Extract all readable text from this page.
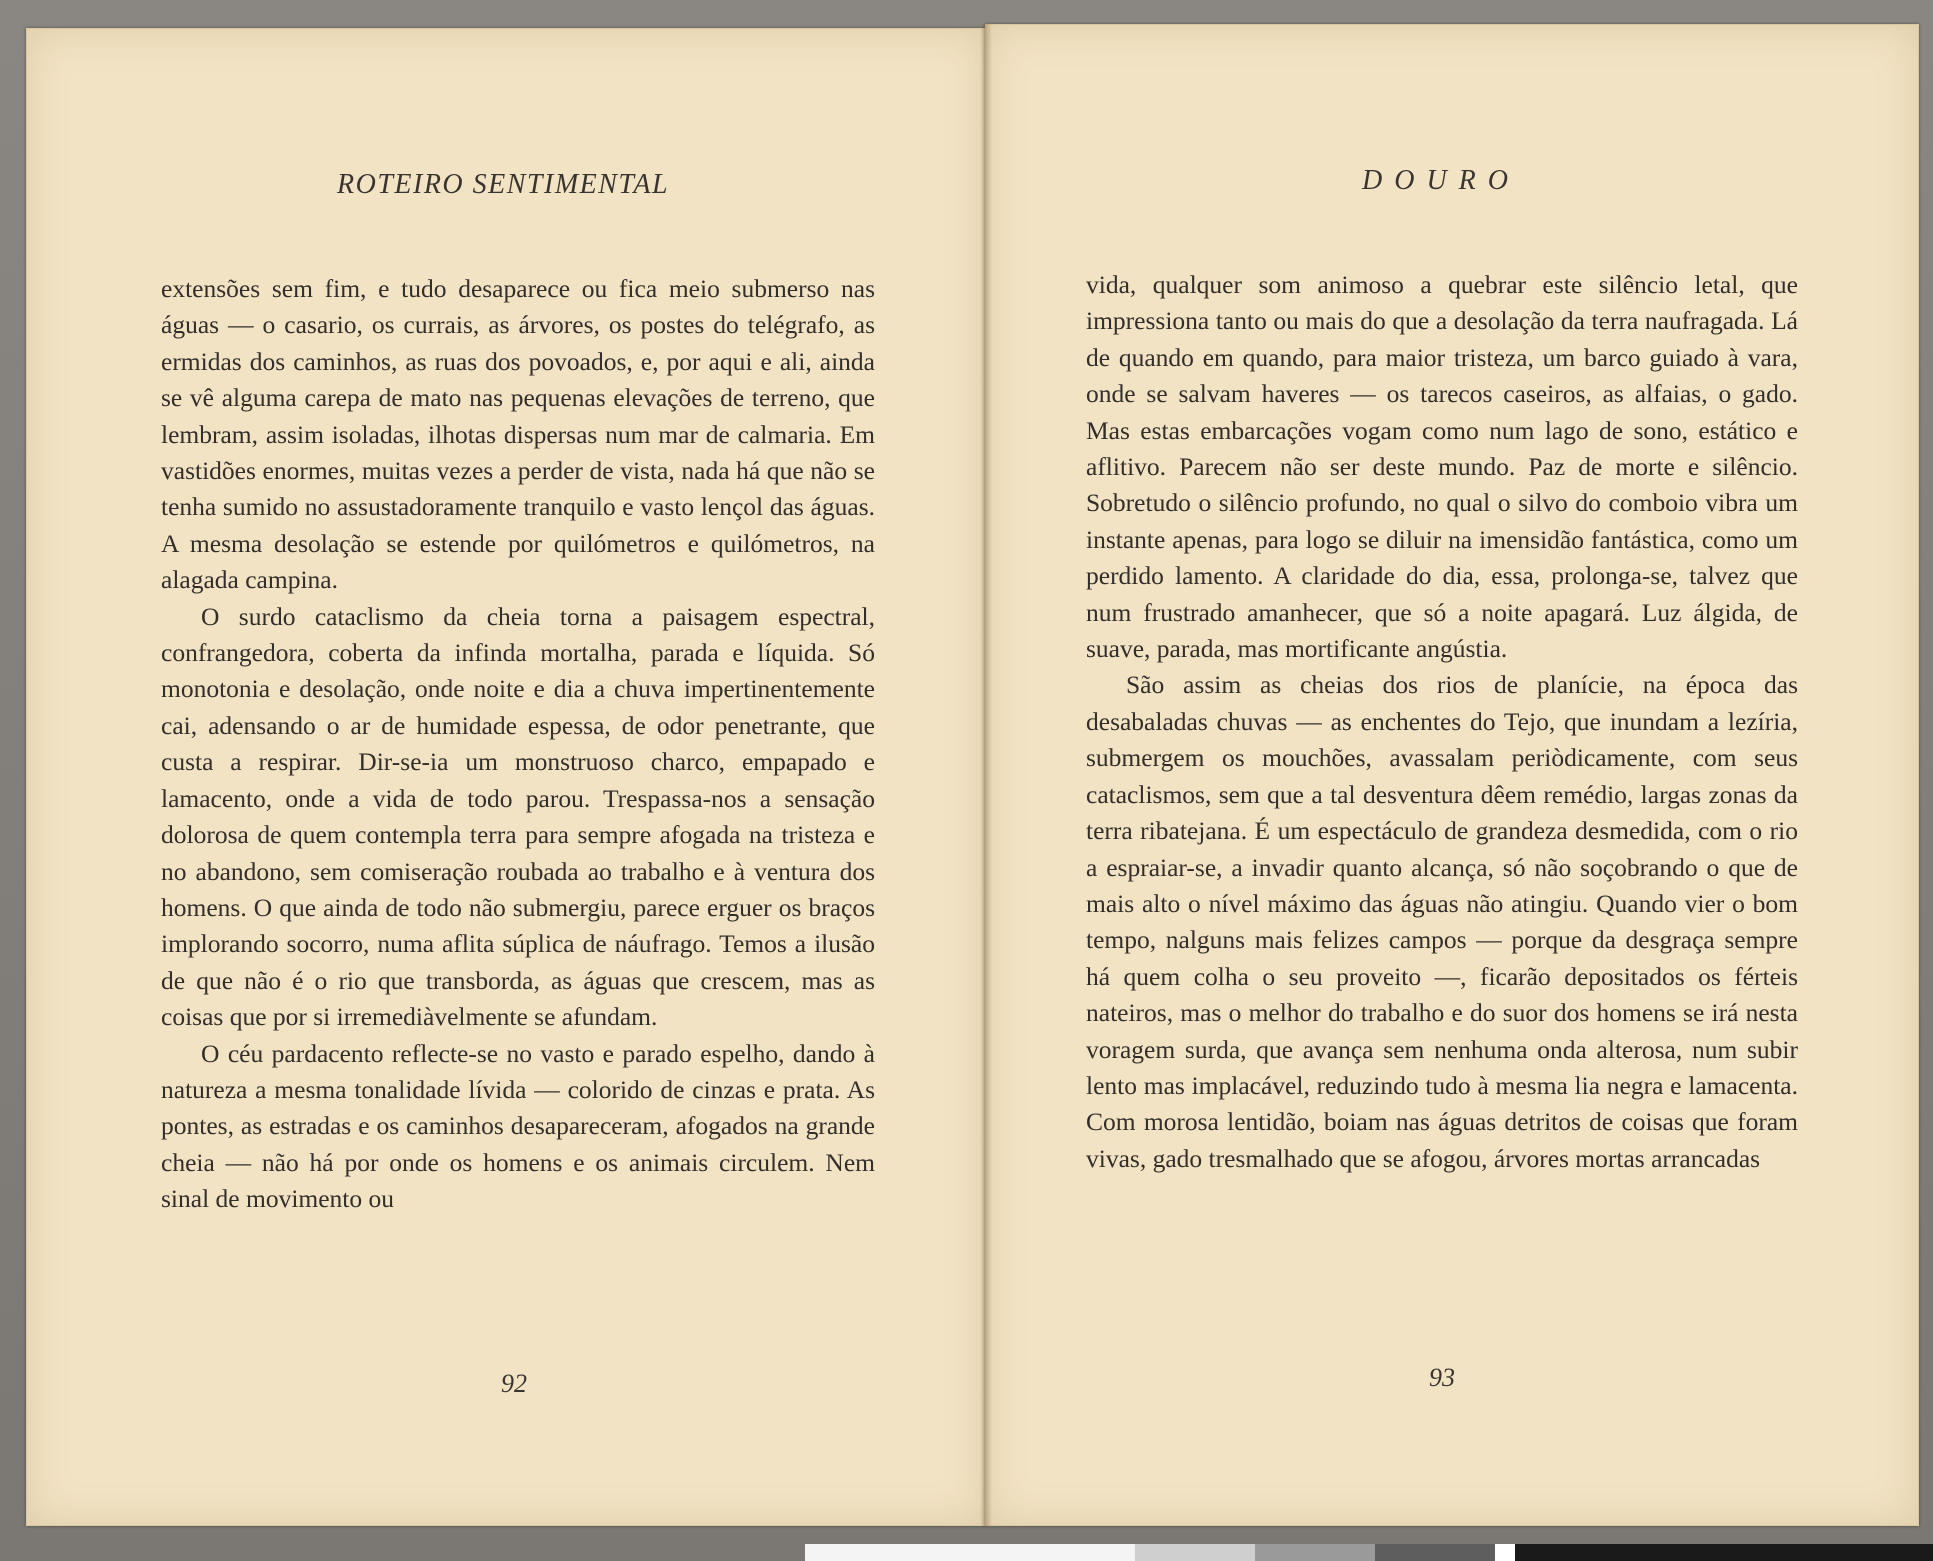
ROTEIRO SENTIMENTAL

extensões sem fim, e tudo desaparece ou fica meio submerso nas águas — o casario, os currais, as árvores, os postes do telégrafo, as ermidas dos caminhos, as ruas dos povoados, e, por aqui e ali, ainda se vê alguma carepa de mato nas pequenas elevações de terreno, que lembram, assim isoladas, ilhotas dispersas num mar de calmaria. Em vastidões enormes, muitas vezes a perder de vista, nada há que não se tenha sumido no assustadoramente tranquilo e vasto lençol das águas. A mesma desolação se estende por quilómetros e quilómetros, na alagada campina.

O surdo cataclismo da cheia torna a paisagem espectral, confrangedora, coberta da infinda mortalha, parada e líquida. Só monotonia e desolação, onde noite e dia a chuva impertinentemente cai, adensando o ar de humidade espessa, de odor penetrante, que custa a respirar. Dir-se-ia um monstruoso charco, empapado e lamacento, onde a vida de todo parou. Trespassa-nos a sensação dolorosa de quem contempla terra para sempre afogada na tristeza e no abandono, sem comiseração roubada ao trabalho e à ventura dos homens. O que ainda de todo não submergiu, parece erguer os braços implorando socorro, numa aflita súplica de náufrago. Temos a ilusão de que não é o rio que transborda, as águas que crescem, mas as coisas que por si irremediàvelmente se afundam.

O céu pardacento reflecte-se no vasto e parado espelho, dando à natureza a mesma tonalidade lívida — colorido de cinzas e prata. As pontes, as estradas e os caminhos desapareceram, afogados na grande cheia — não há por onde os homens e os animais circulem. Nem sinal de movimento ou

92
DOURO

vida, qualquer som animoso a quebrar este silêncio letal, que impressiona tanto ou mais do que a desolação da terra naufragada. Lá de quando em quando, para maior tristeza, um barco guiado à vara, onde se salvam haveres — os tarecos caseiros, as alfaias, o gado. Mas estas embarcações vogam como num lago de sono, estático e aflitivo. Parecem não ser deste mundo. Paz de morte e silêncio. Sobretudo o silêncio profundo, no qual o silvo do comboio vibra um instante apenas, para logo se diluir na imensidão fantástica, como um perdido lamento. A claridade do dia, essa, prolonga-se, talvez que num frustrado amanhecer, que só a noite apagará. Luz álgida, de suave, parada, mas mortificante angústia.

São assim as cheias dos rios de planície, na época das desabaladas chuvas — as enchentes do Tejo, que inundam a lezíria, submergem os mouchões, avassalam periòdicamente, com seus cataclismos, sem que a tal desventura dêem remédio, largas zonas da terra ribatejana. É um espectáculo de grandeza desmedida, com o rio a espraiar-se, a invadir quanto alcança, só não soçobrando o que de mais alto o nível máximo das águas não atingiu. Quando vier o bom tempo, nalguns mais felizes campos — porque da desgraça sempre há quem colha o seu proveito —, ficarão depositados os férteis nateiros, mas o melhor do trabalho e do suor dos homens se irá nesta voragem surda, que avança sem nenhuma onda alterosa, num subir lento mas implacável, reduzindo tudo à mesma lia negra e lamacenta. Com morosa lentidão, boiam nas águas detritos de coisas que foram vivas, gado tresmalhado que se afogou, árvores mortas arrancadas

93
